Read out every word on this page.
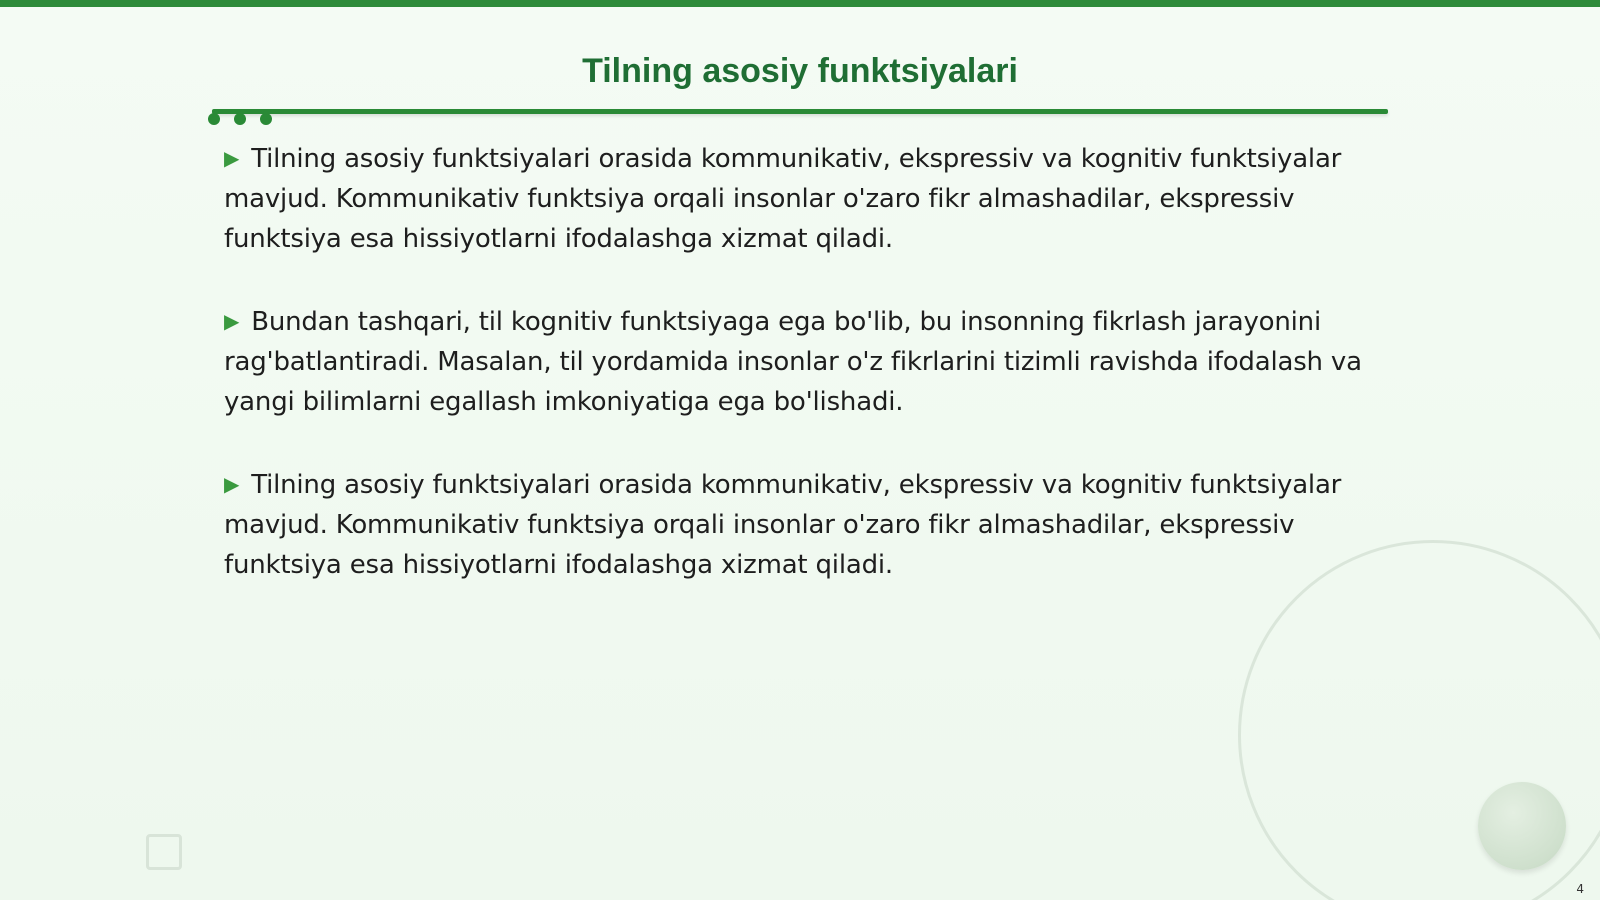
Tilning asosiy funktsiyalari
▶ Tilning asosiy funktsiyalari orasida kommunikativ, ekspressiv va kognitiv funktsiyalar mavjud. Kommunikativ funktsiya orqali insonlar o'zaro fikr almashadilar, ekspressiv funktsiya esa hissiyotlarni ifodalashga xizmat qiladi.
▶ Bundan tashqari, til kognitiv funktsiyaga ega bo'lib, bu insonning fikrlash jarayonini rag'batlantiradi. Masalan, til yordamida insonlar o'z fikrlarini tizimli ravishda ifodalash va yangi bilimlarni egallash imkoniyatiga ega bo'lishadi.
▶ Tilning asosiy funktsiyalari orasida kommunikativ, ekspressiv va kognitiv funktsiyalar mavjud. Kommunikativ funktsiya orqali insonlar o'zaro fikr almashadilar, ekspressiv funktsiya esa hissiyotlarni ifodalashga xizmat qiladi.
4
